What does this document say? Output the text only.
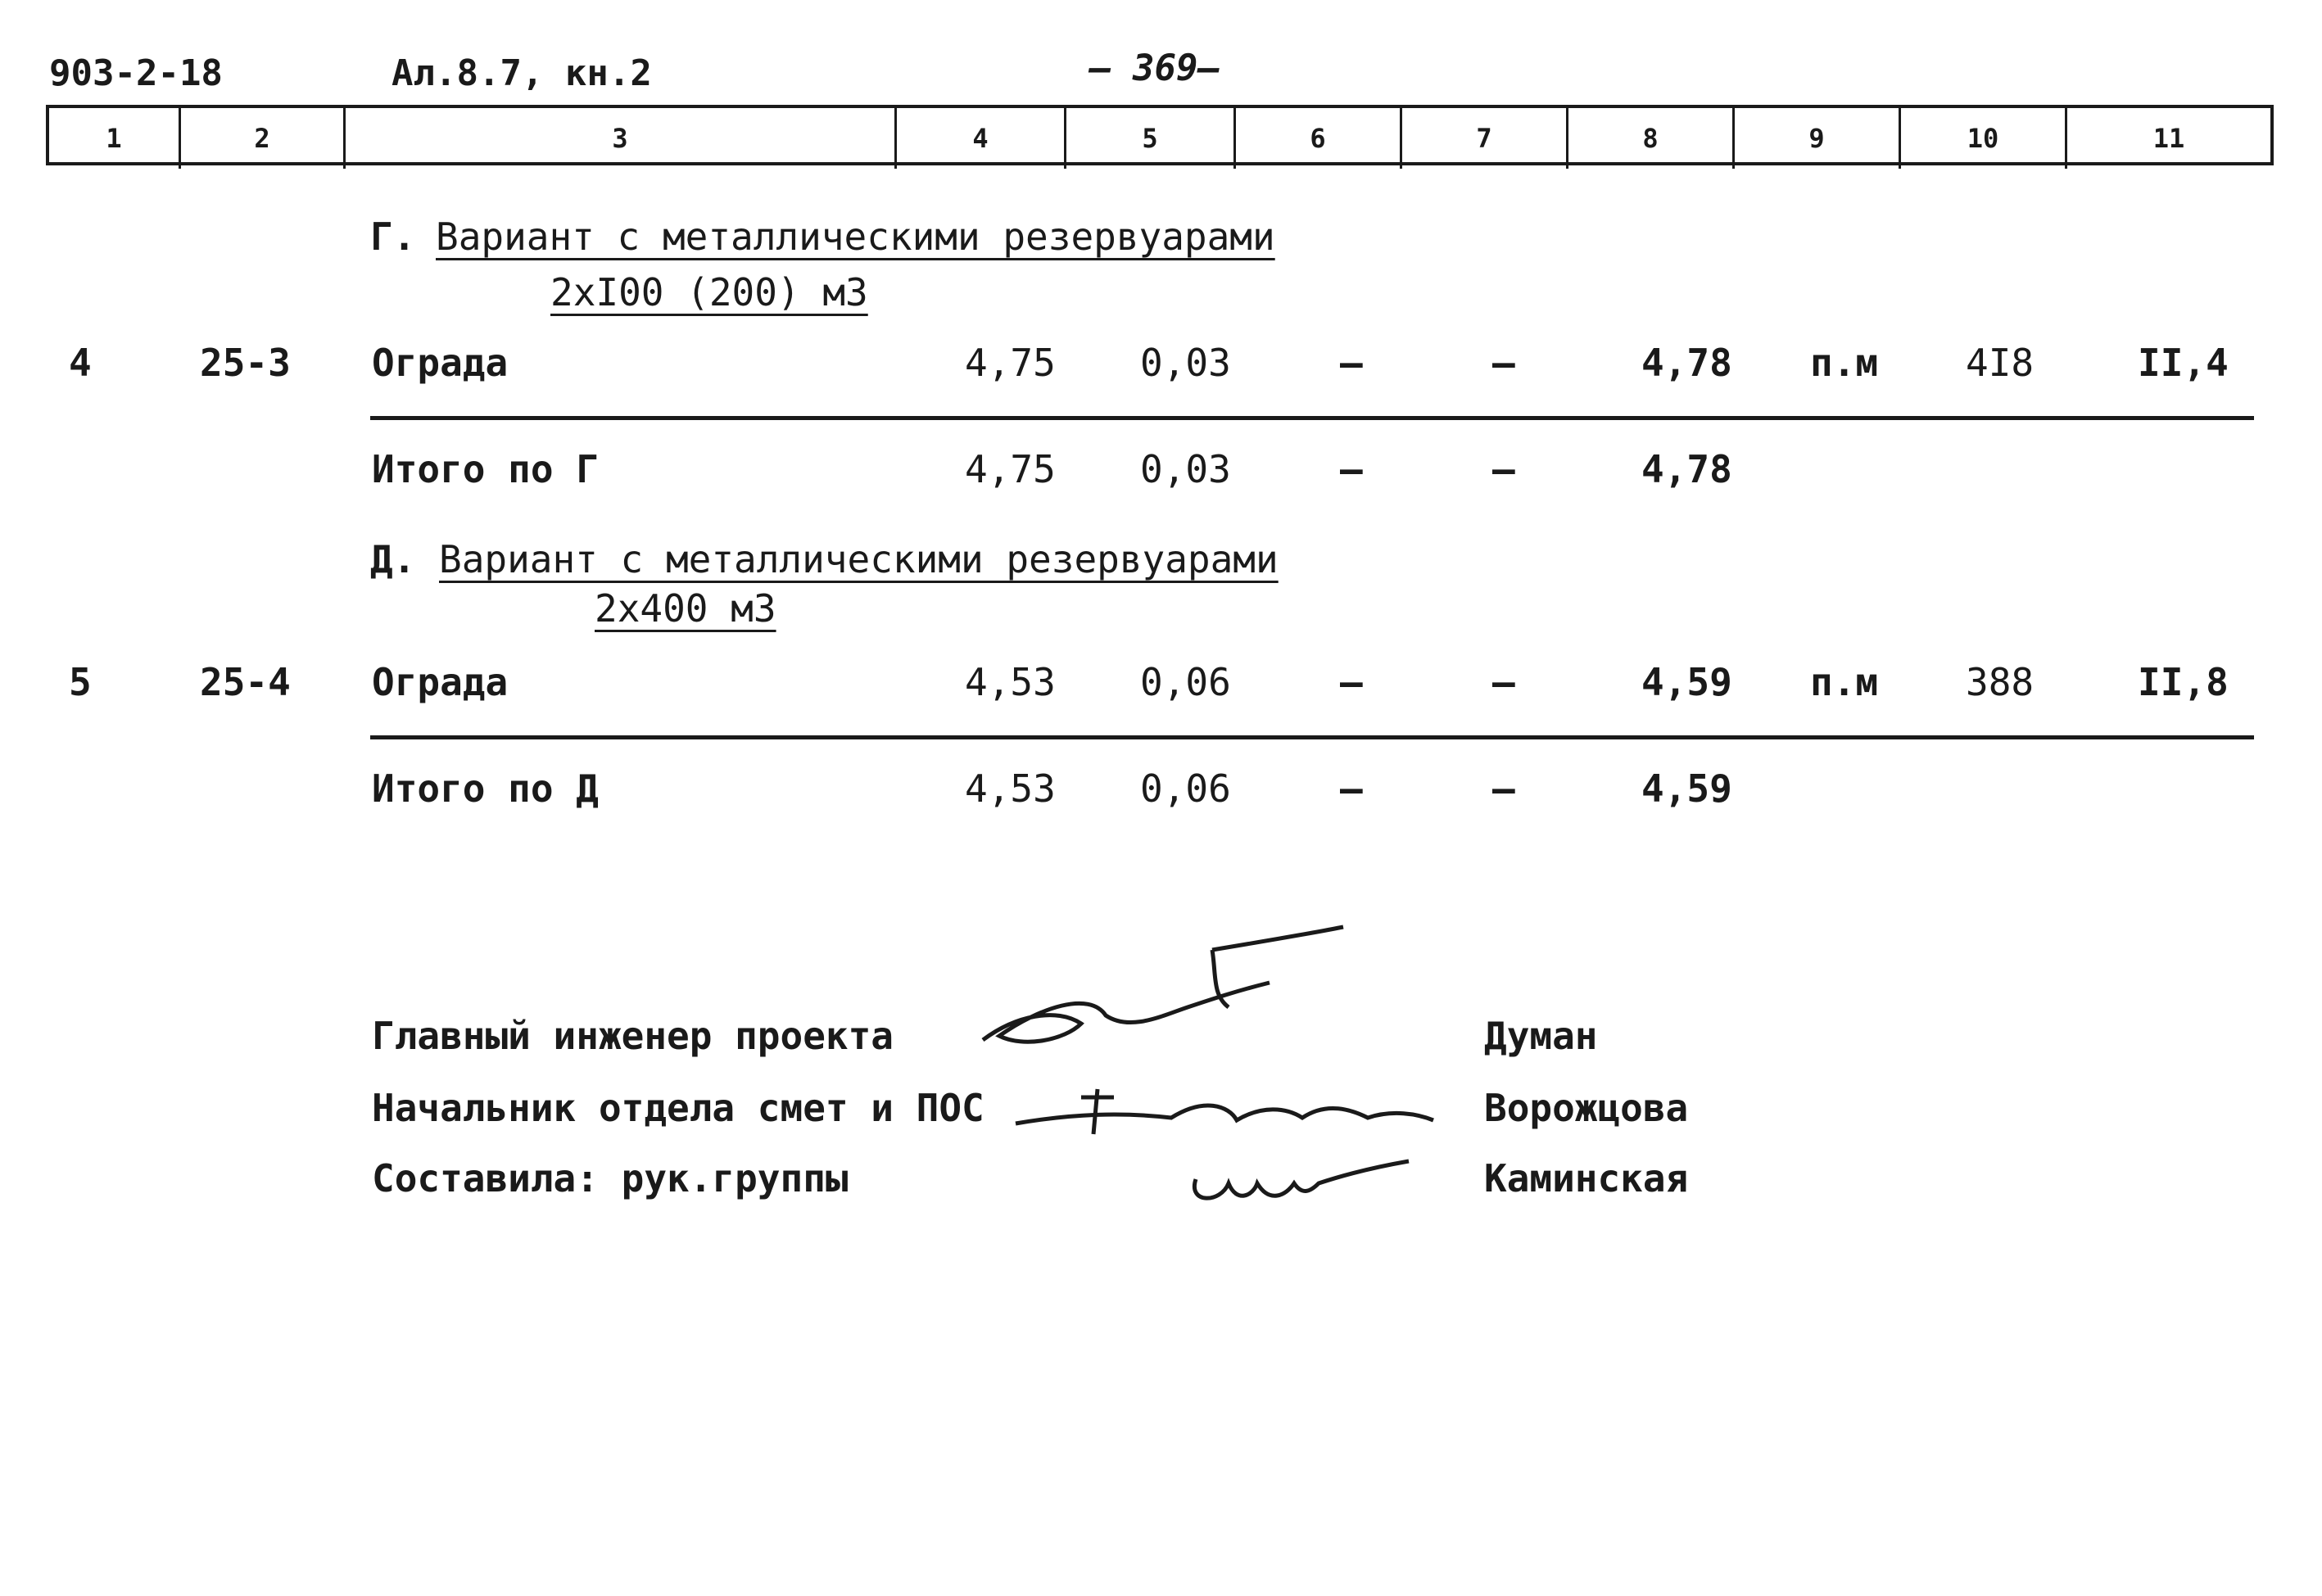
903-2-18	Ал.8.7, кн.2	— 369—
1	2	3	4	5	6	7	8	9	10	11
Г. Вариант с металлическими резервуарами
2хI00 (200) м3
4	25-3 Ограда	4,75 0,03	–	–	4,78 п.м 4I8	II,4
Итого по Г	4,75 0,03	–	–	4,78
Д. Вариант с металлическими резервуарами
2х400 м3
5	25-4 Ограда	4,53 0,06	–	–	4,59 п.м 388	II,8
Итого по Д	4,53 0,06	–	–	4,59
Главный инженер проекта	Думан
Начальник отдела смет и ПОС	Ворожцова
Составила: рук.группы	Каминская
